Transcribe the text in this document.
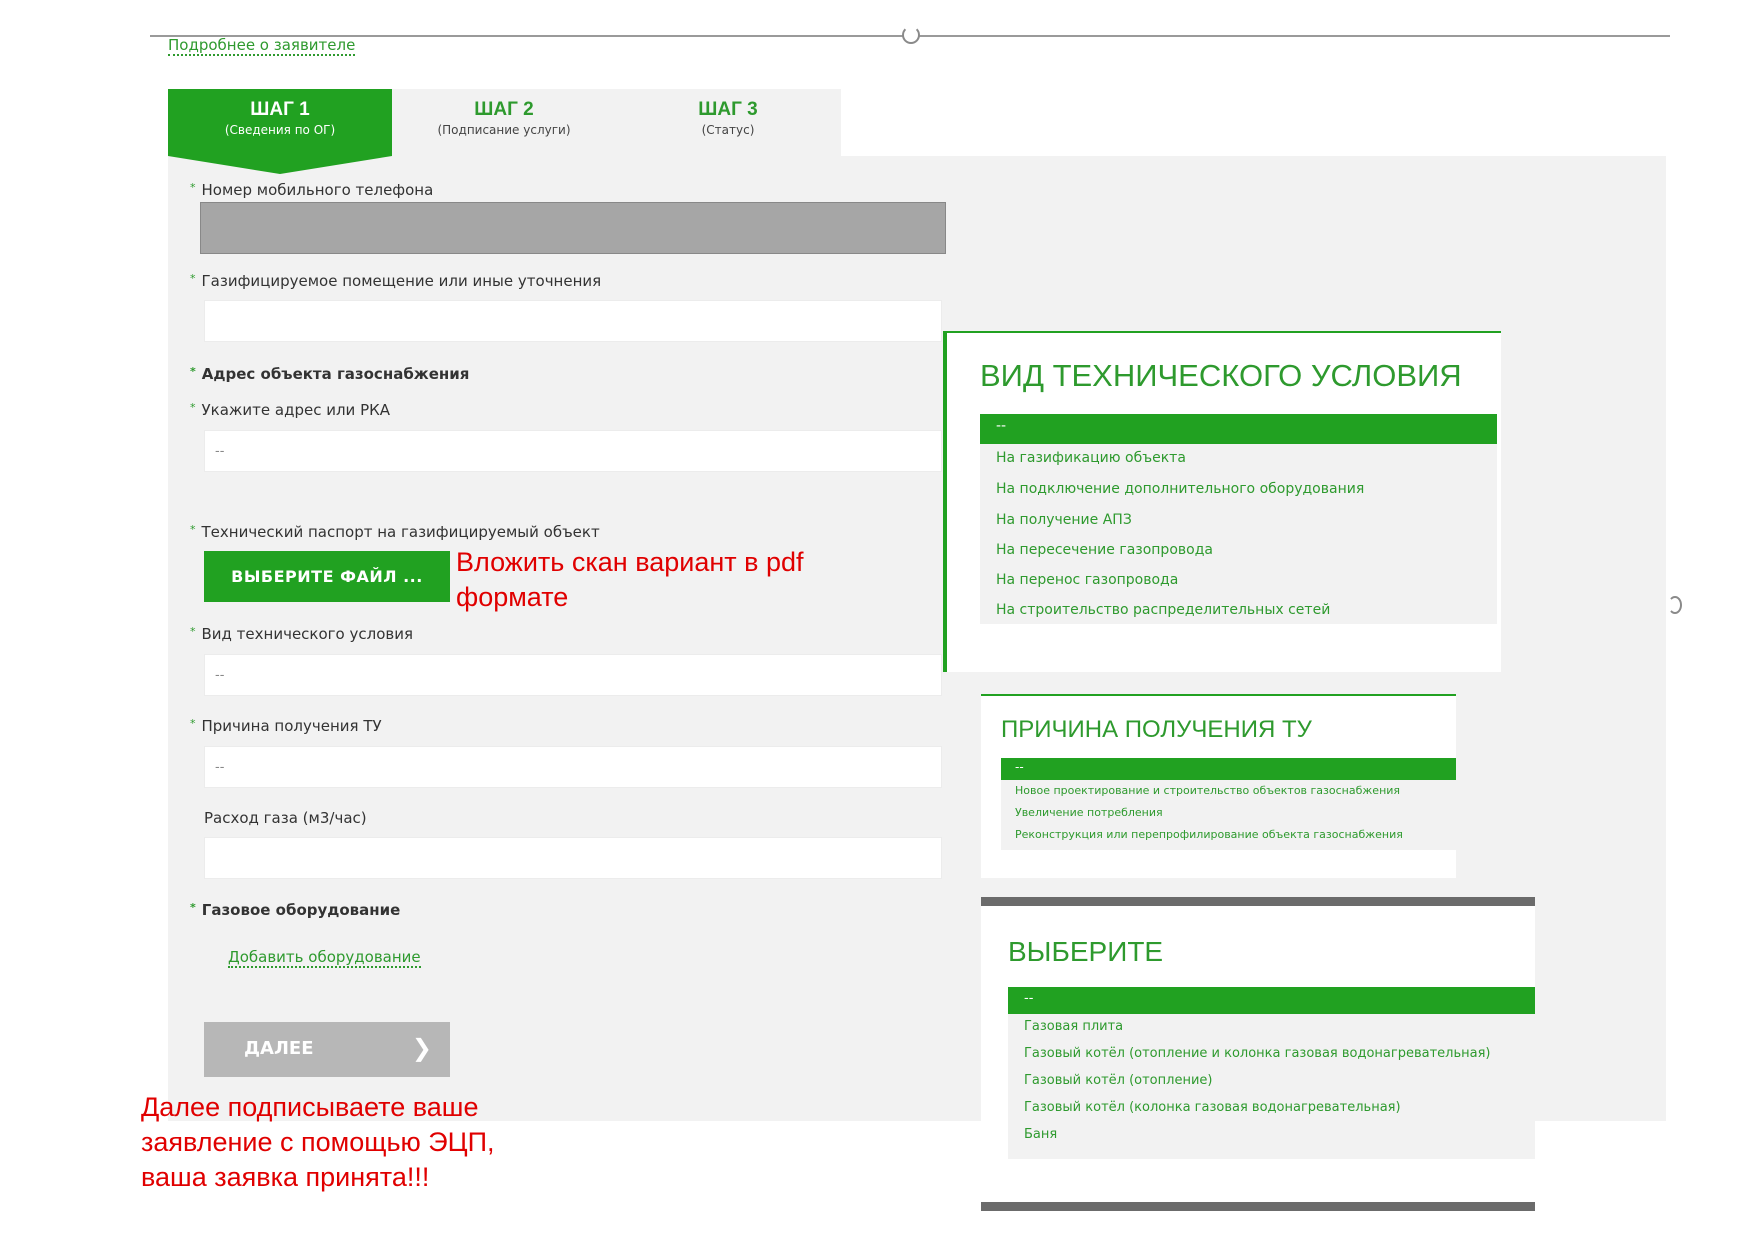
Подробнее о заявителе
ШАГ 1
(Сведения по ОГ)
ШАГ 2
(Подписание услуги)
ШАГ 3
(Статус)
* Номер мобильного телефона
* Газифицируемое помещение или иные уточнения
* Адрес объекта газоснабжения
* Укажите адрес или РКА
--
* Технический паспорт на газифицируемый объект
ВЫБЕРИТЕ ФАЙЛ ...
* Вид технического условия
--
* Причина получения ТУ
--
Расход газа (м3/час)
* Газовое оборудование
Добавить оборудование
ДАЛЕЕ	❯
Вложить скан вариант в pdf
формате
Далее подписываете ваше
заявление с помощью ЭЦП,
ваша заявка принята!!!
ВИД ТЕХНИЧЕСКОГО УСЛОВИЯ
--
На газификацию объекта
На подключение дополнительного оборудования
На получение АПЗ
На пересечение газопровода
На перенос газопровода
На строительство распределительных сетей
ПРИЧИНА ПОЛУЧЕНИЯ ТУ
--
Новое проектирование и строительство объектов газоснабжения
Увеличение потребления
Реконструкция или перепрофилирование объекта газоснабжения
ВЫБЕРИТЕ
--
Газовая плита
Газовый котёл (отопление и колонка газовая водонагревательная)
Газовый котёл (отопление)
Газовый котёл (колонка газовая водонагревательная)
Баня
